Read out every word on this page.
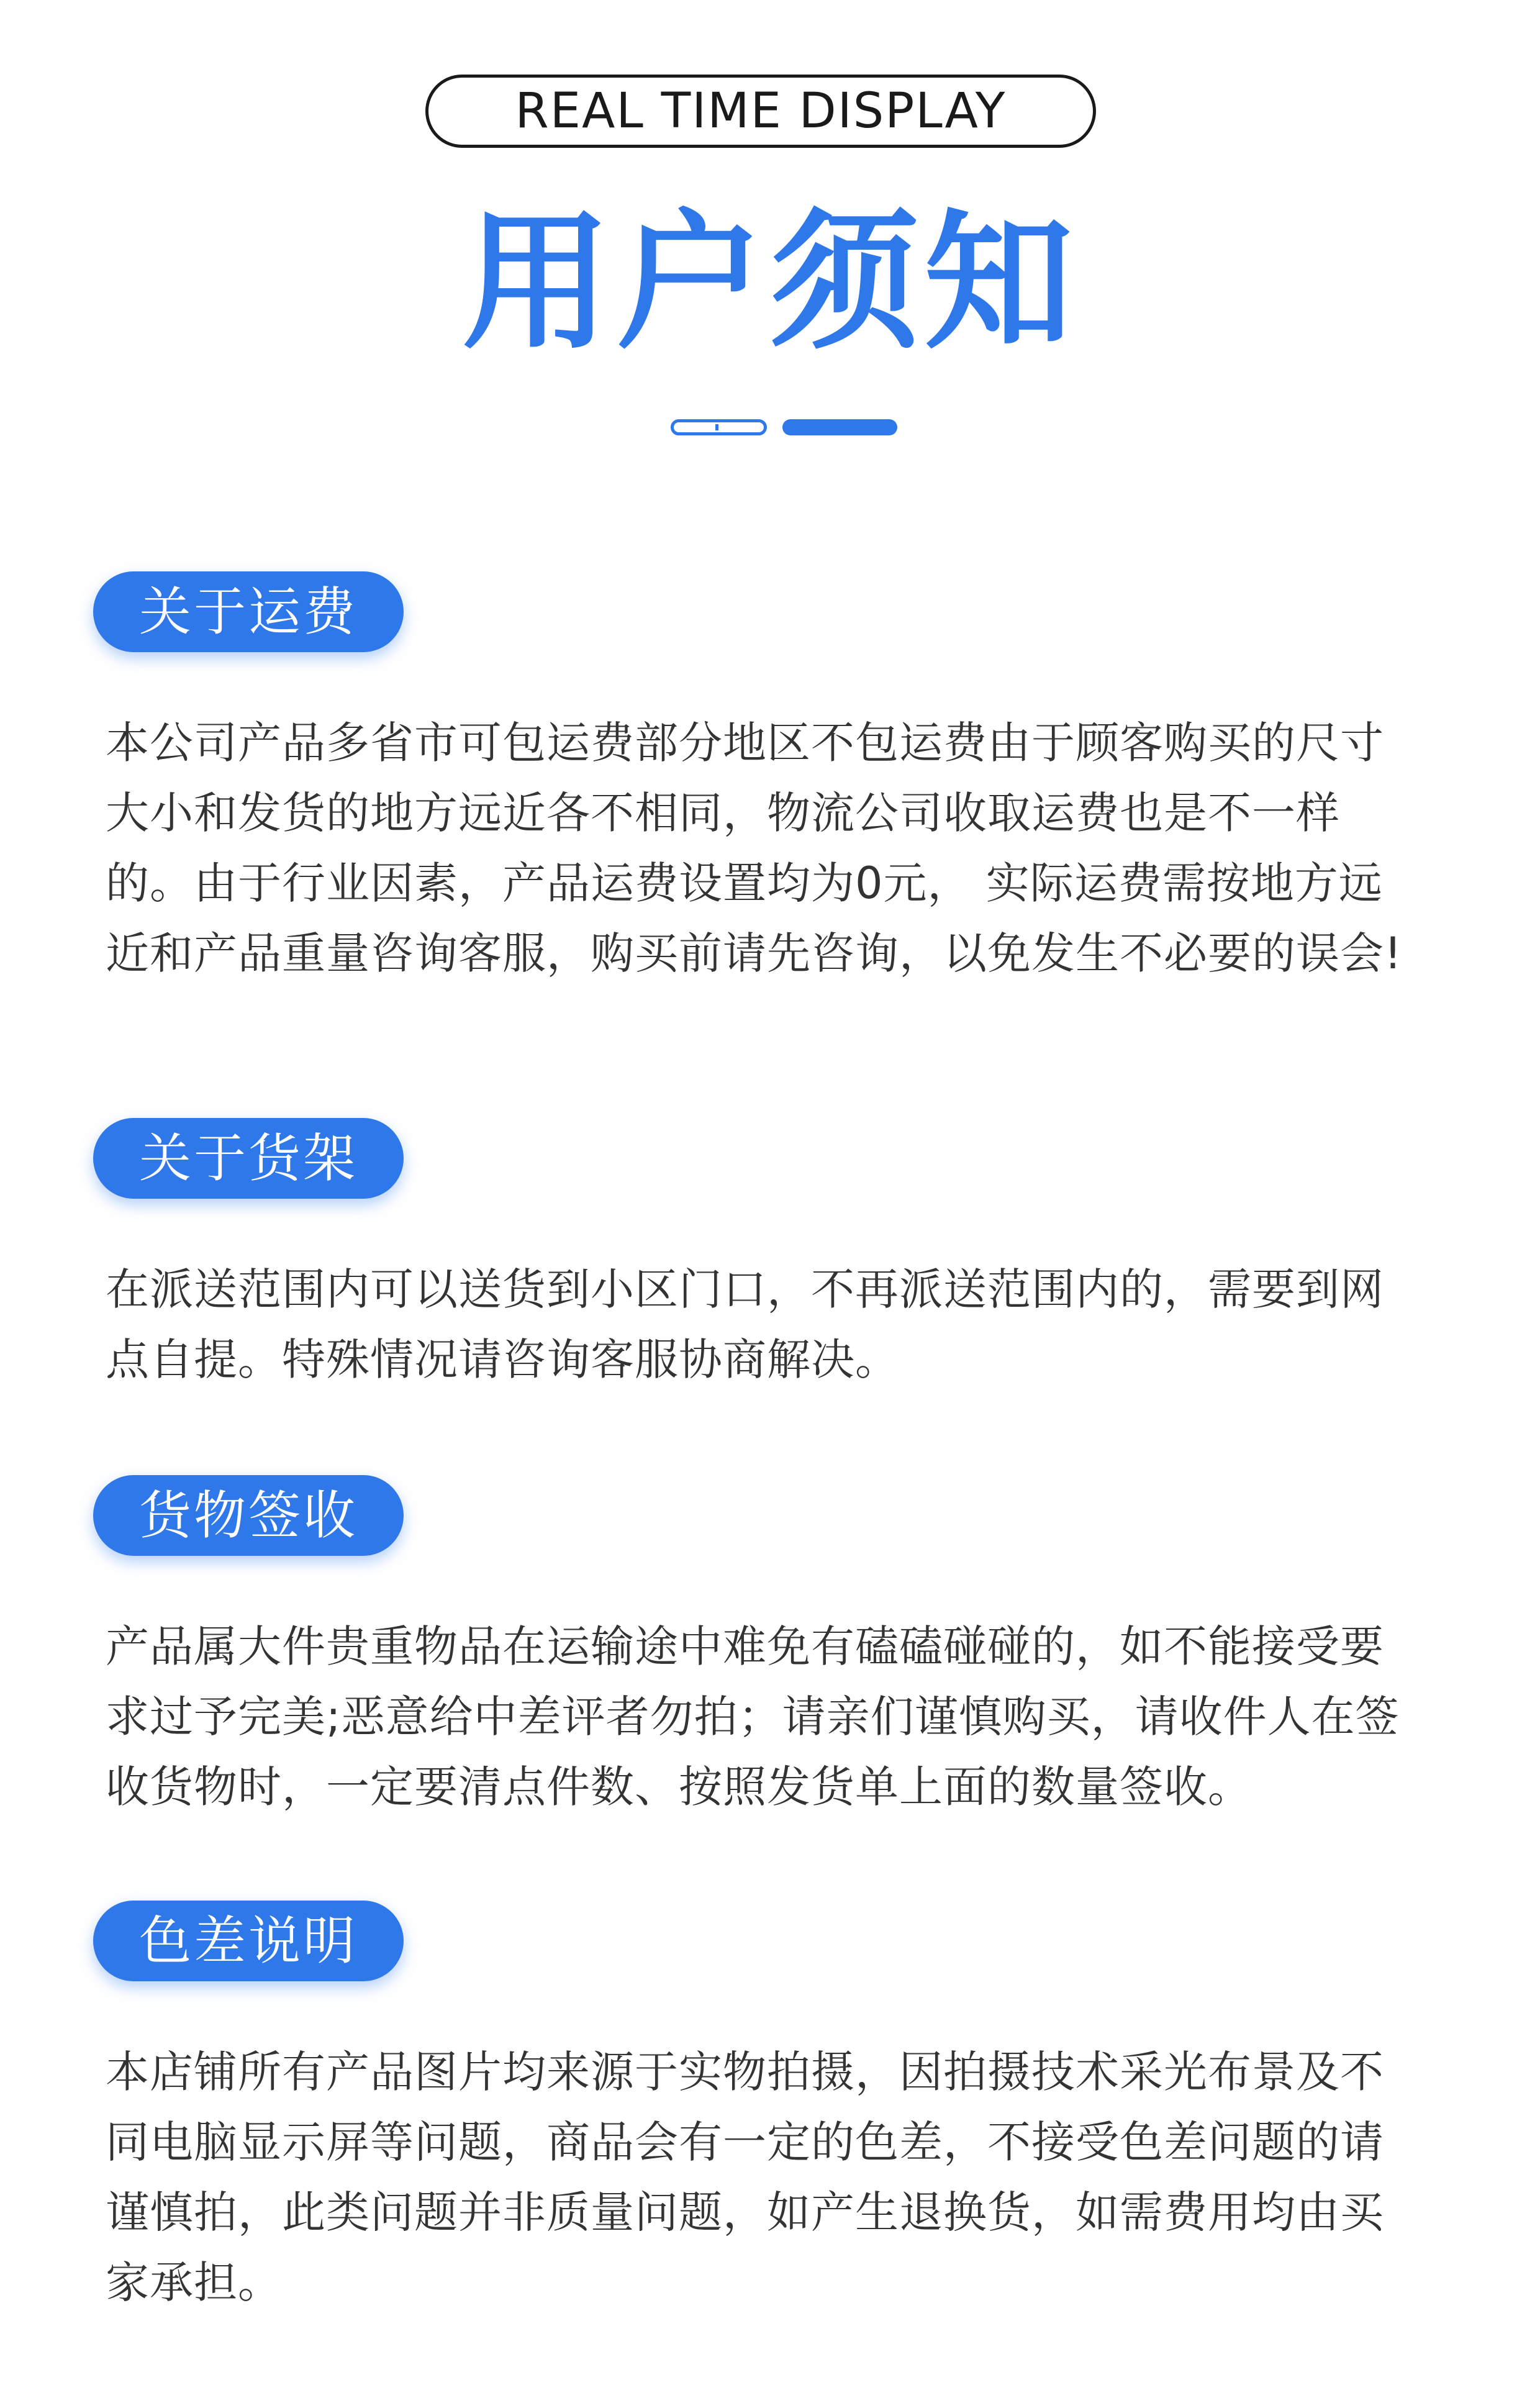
REAL TIME DISPLAY
用户须知
关于运费
本公司产品多省市可包运费部分地区不包运费由于顾客购买的尺寸大小和发货的地方远近各不相同，物流公司收取运费也是不一样的。由于行业因素，产品运费设置均为0元， 实际运费需按地方远近和产品重量咨询客服，购买前请先咨询，以免发生不必要的误会!
关于货架
在派送范围内可以送货到小区门口，不再派送范围内的，需要到网点自提。特殊情况请咨询客服协商解决。
货物签收
产品属大件贵重物品在运输途中难免有磕磕碰碰的，如不能接受要求过予完美;恶意给中差评者勿拍；请亲们谨慎购买，请收件人在签收货物时，一定要清点件数、按照发货单上面的数量签收。
色差说明
本店铺所有产品图片均来源于实物拍摄，因拍摄技术采光布景及不同电脑显示屏等问题，商品会有一定的色差，不接受色差问题的请谨慎拍，此类问题并非质量问题，如产生退换货，如需费用均由买家承担。
